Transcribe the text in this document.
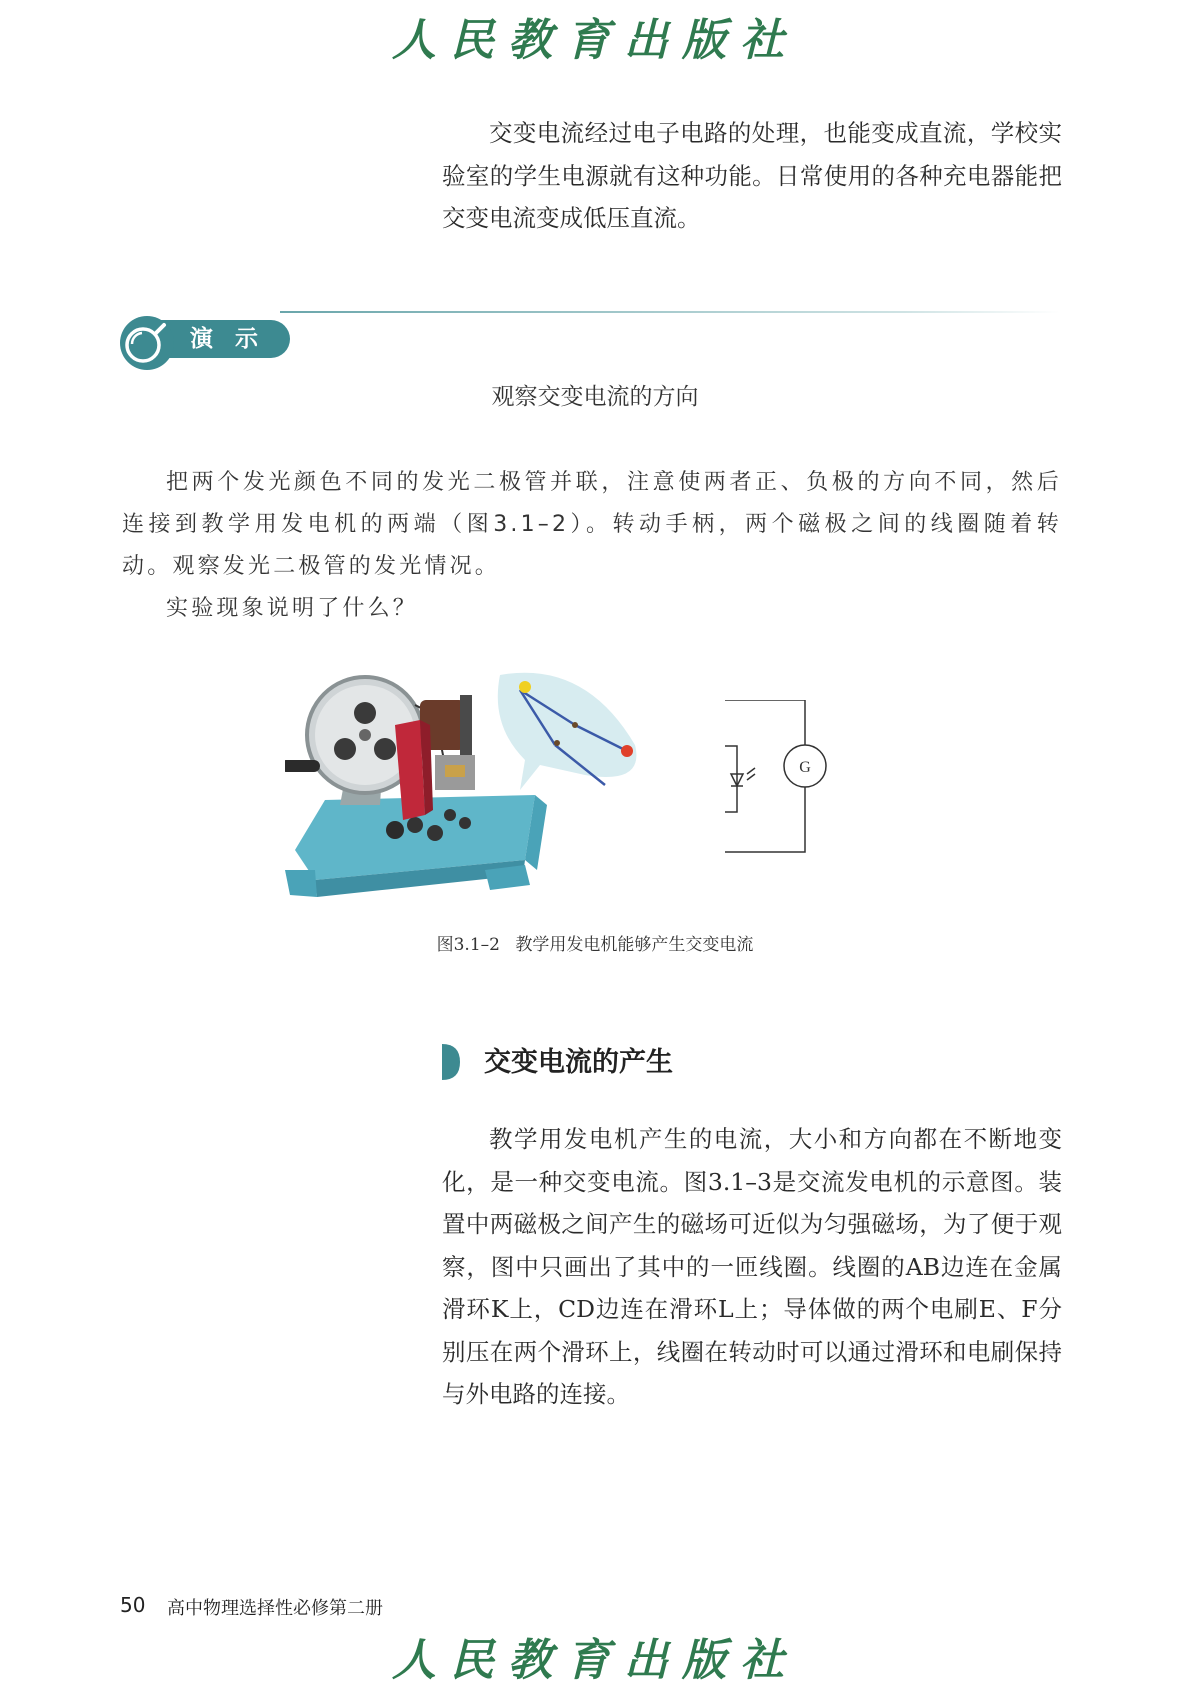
人民教育出版社

交变电流经过电子电路的处理，也能变成直流，学校实验室的学生电源就有这种功能。日常使用的各种充电器能把交变电流变成低压直流。

演示
观察交变电流的方向

把两个发光颜色不同的发光二极管并联，注意使两者正、负极的方向不同，然后连接到教学用发电机的两端（图3.1–2）。转动手柄，两个磁极之间的线圈随着转动。观察发光二极管的发光情况。

实验现象说明了什么？

G
图3.1–2 教学用发电机能够产生交变电流
交变电流的产生

教学用发电机产生的电流，大小和方向都在不断地变化，是一种交变电流。图3.1–3是交流发电机的示意图。装置中两磁极之间产生的磁场可近似为匀强磁场，为了便于观察，图中只画出了其中的一匝线圈。线圈的AB边连在金属滑环K上，CD边连在滑环L上；导体做的两个电刷E、F分别压在两个滑环上，线圈在转动时可以通过滑环和电刷保持与外电路的连接。

50 高中物理选择性必修第二册
人民教育出版社
